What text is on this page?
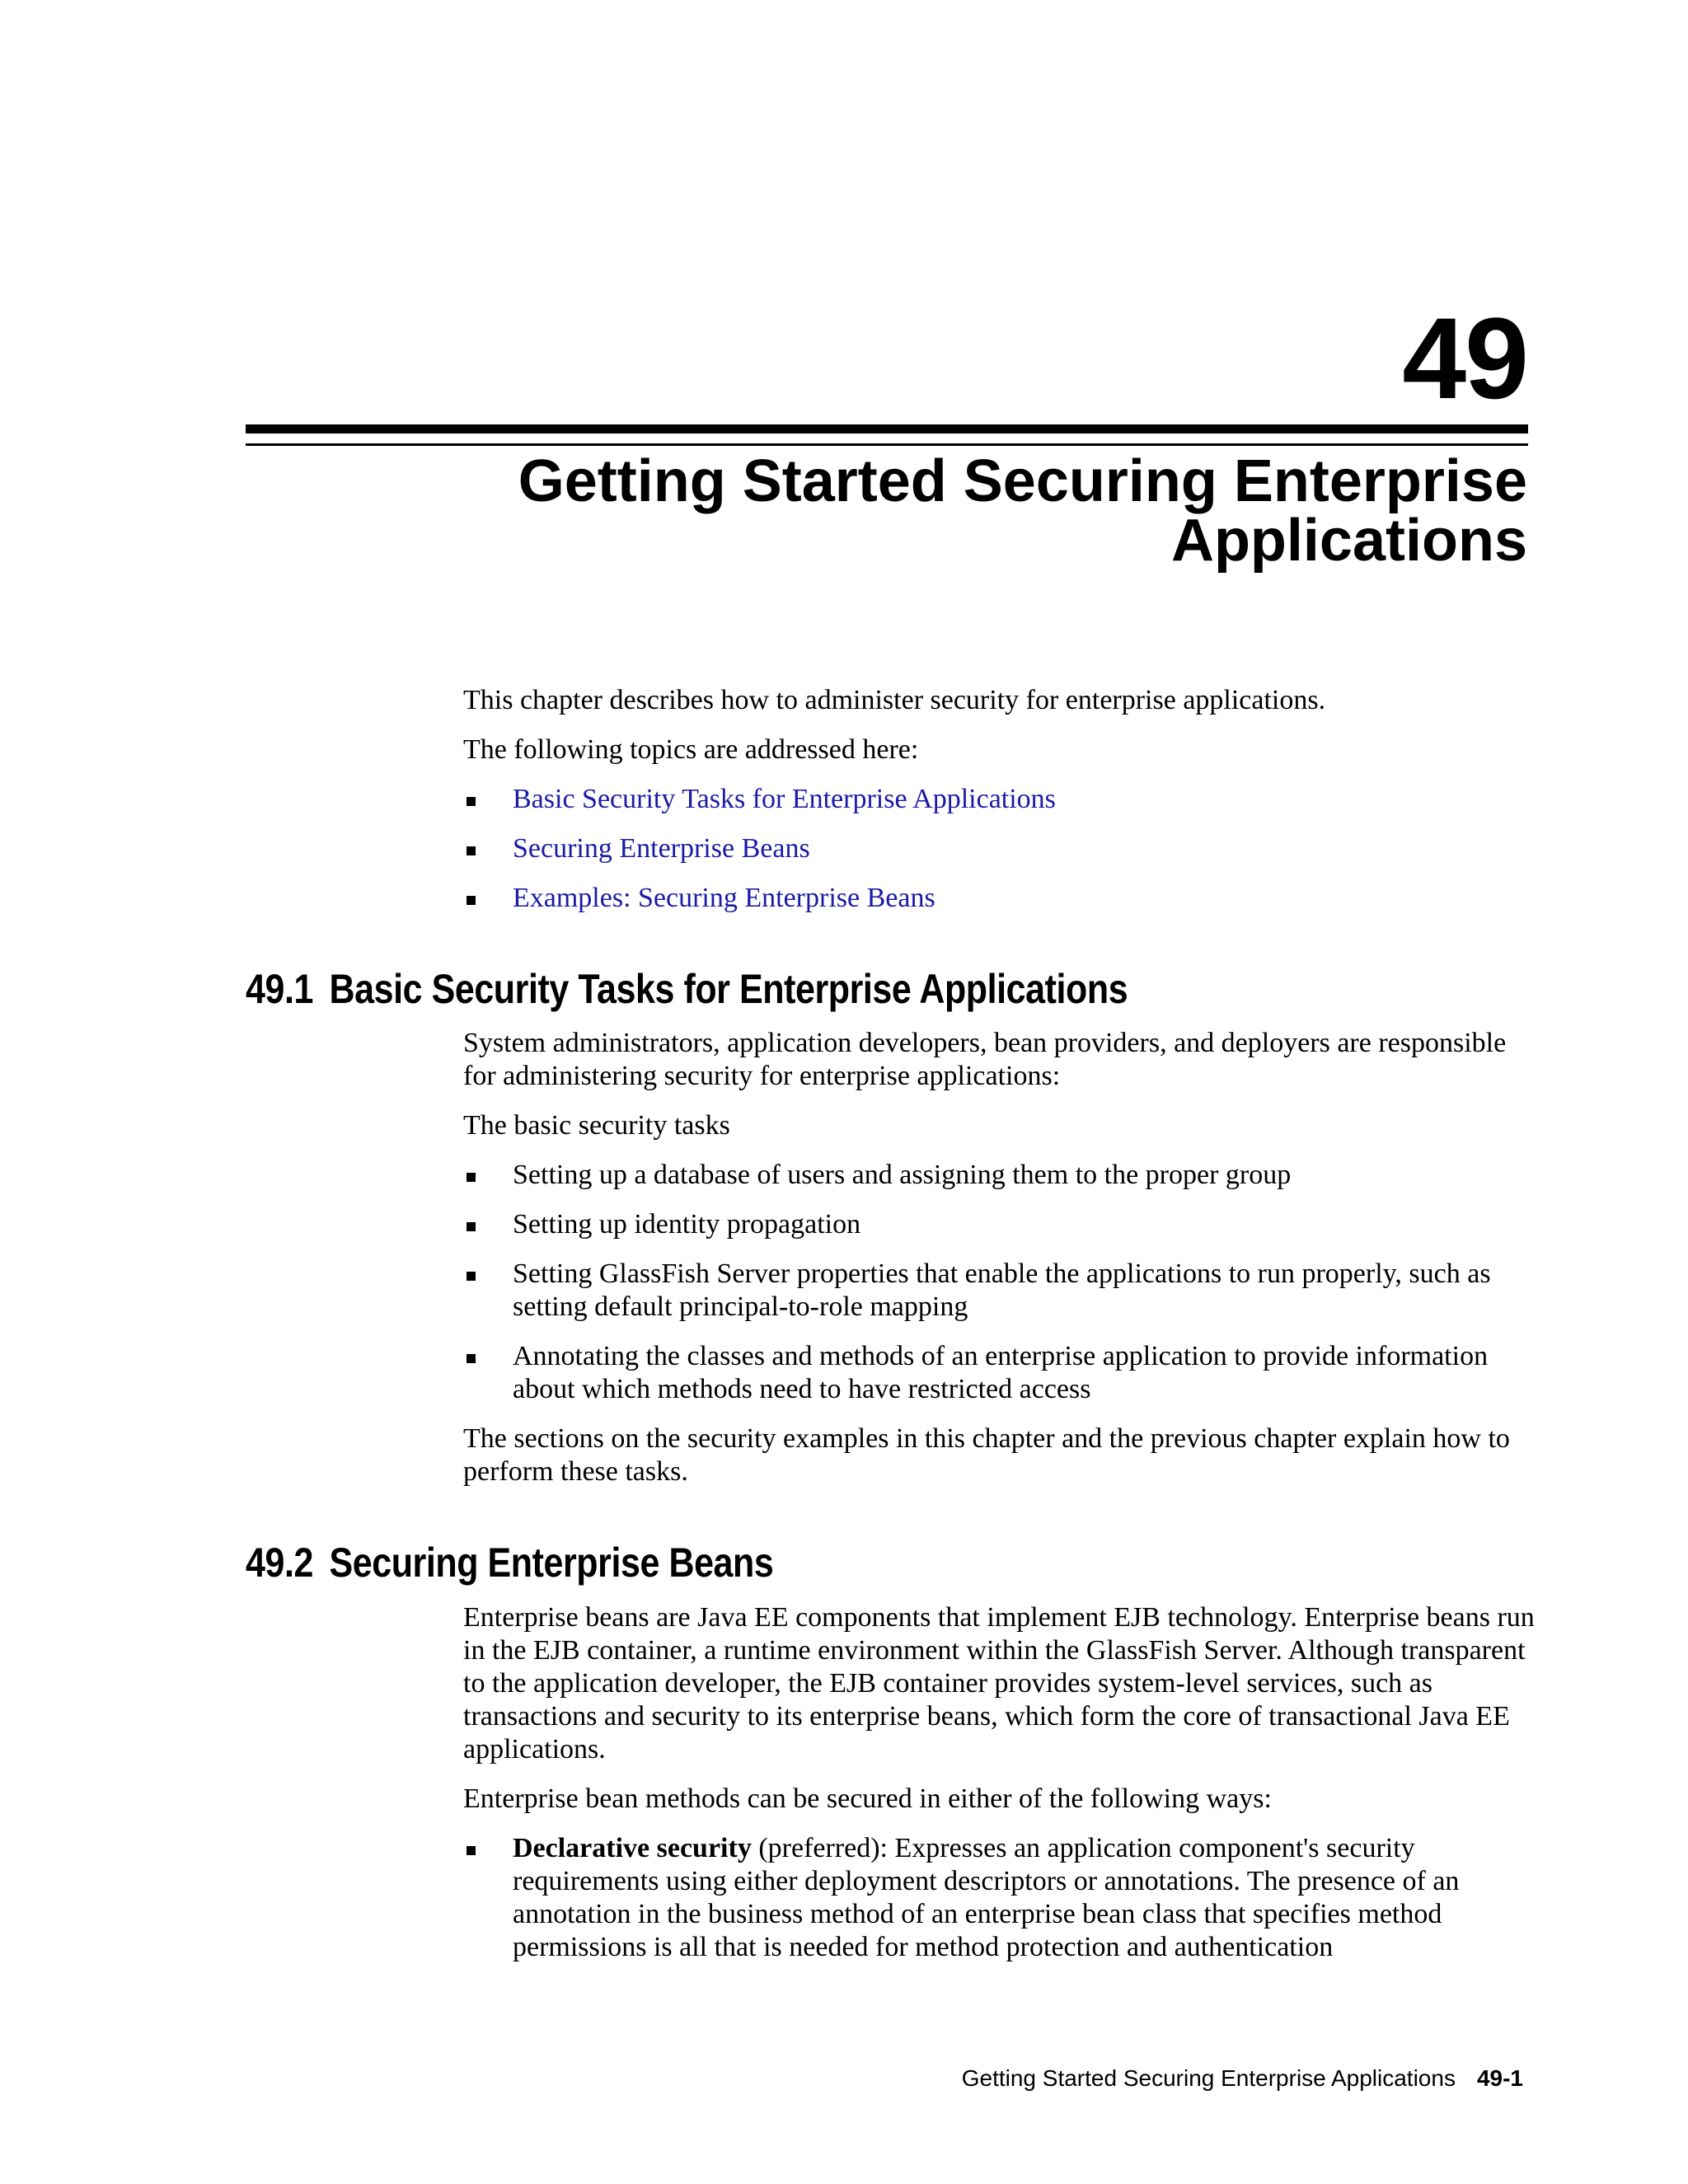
49
Getting Started Securing Enterprise
Applications

This chapter describes how to administer security for enterprise applications.

The following topics are addressed here:

Basic Security Tasks for Enterprise Applications
Securing Enterprise Beans
Examples: Securing Enterprise Beans
49.1 Basic Security Tasks for Enterprise Applications

System administrators, application developers, bean providers, and deployers are responsible for administering security for enterprise applications:

The basic security tasks

Setting up a database of users and assigning them to the proper group
Setting up identity propagation
Setting GlassFish Server properties that enable the applications to run properly, such as setting default principal-to-role mapping
Annotating the classes and methods of an enterprise application to provide information about which methods need to have restricted access

The sections on the security examples in this chapter and the previous chapter explain how to perform these tasks.

49.2 Securing Enterprise Beans

Enterprise beans are Java EE components that implement EJB technology. Enterprise beans run in the EJB container, a runtime environment within the GlassFish Server. Although transparent to the application developer, the EJB container provides system-level services, such as transactions and security to its enterprise beans, which form the core of transactional Java EE applications.

Enterprise bean methods can be secured in either of the following ways:

Declarative security (preferred): Expresses an application component's security requirements using either deployment descriptors or annotations. The presence of an annotation in the business method of an enterprise bean class that specifies method permissions is all that is needed for method protection and authentication
Getting Started Securing Enterprise Applications 49-1
